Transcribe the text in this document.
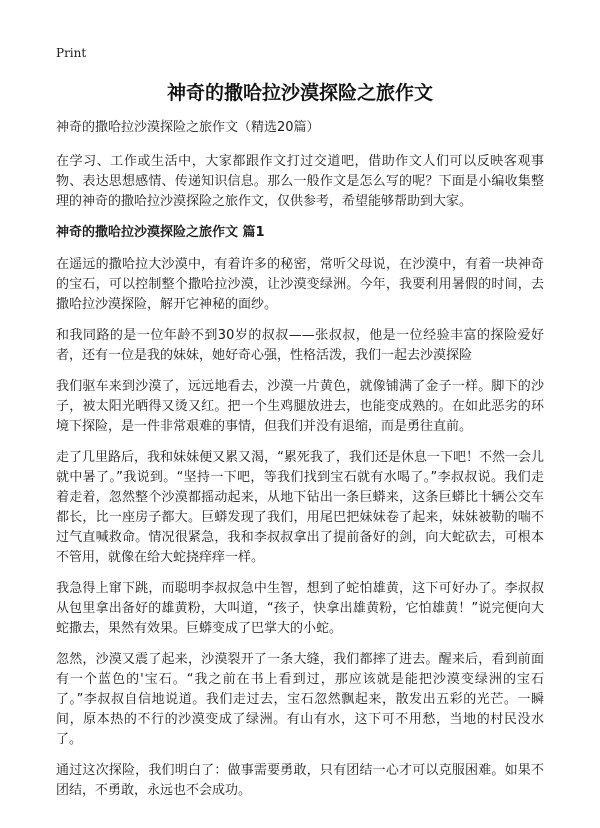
Print
神奇的撒哈拉沙漠探险之旅作文
神奇的撒哈拉沙漠探险之旅作文（精选20篇）

在学习、工作或生活中，大家都跟作文打过交道吧，借助作文人们可以反映客观事物、表达思想感情、传递知识信息。那么一般作文是怎么写的呢？下面是小编收集整理的神奇的撒哈拉沙漠探险之旅作文，仅供参考，希望能够帮助到大家。

神奇的撒哈拉沙漠探险之旅作文 篇1

在遥远的撒哈拉大沙漠中，有着许多的秘密，常听父母说，在沙漠中，有着一块神奇的宝石，可以控制整个撒哈拉沙漠，让沙漠变绿洲。今年，我要利用暑假的时间，去撒哈拉沙漠探险，解开它神秘的面纱。

和我同路的是一位年龄不到30岁的叔叔——张叔叔，他是一位经验丰富的探险爱好者，还有一位是我的妹妹，她好奇心强，性格活泼，我们一起去沙漠探险

我们驱车来到沙漠了，远远地看去，沙漠一片黄色，就像铺满了金子一样。脚下的沙子，被太阳光晒得又烫又红。把一个生鸡腿放进去，也能变成熟的。在如此恶劣的环境下探险，是一件非常艰难的事情，但我们并没有退缩，而是勇往直前。

走了几里路后，我和妹妹便又累又渴，“累死我了，我们还是休息一下吧！不然一会儿就中暑了。”我说到。“坚持一下吧，等我们找到宝石就有水喝了。”李叔叔说。我们走着走着，忽然整个沙漠都摇动起来，从地下钻出一条巨蟒来，这条巨蟒比十辆公交车都长，比一座房子都大。巨蟒发现了我们，用尾巴把妹妹卷了起来，妹妹被勒的喘不过气直喊救命。情况很紧急，我和李叔叔拿出了提前备好的剑，向大蛇砍去，可根本不管用，就像在给大蛇挠痒痒一样。

我急得上窜下跳，而聪明李叔叔急中生智，想到了蛇怕雄黄，这下可好办了。李叔叔从包里拿出备好的雄黄粉，大叫道，“孩子，快拿出雄黄粉，它怕雄黄！”说完便向大蛇撒去，果然有效果。巨蟒变成了巴掌大的小蛇。

忽然，沙漠又震了起来，沙漠裂开了一条大缝，我们都摔了进去。醒来后，看到前面有一个蓝色的'宝石。“我之前在书上看到过，那应该就是能把沙漠变绿洲的宝石了。”李叔叔自信地说道。我们走过去，宝石忽然飘起来，散发出五彩的光芒。一瞬间，原本热的不行的沙漠变成了绿洲。有山有水，这下可不用愁，当地的村民没水了。

通过这次探险，我们明白了：做事需要勇敢，只有团结一心才可以克服困难。如果不团结，不勇敢，永远也不会成功。
